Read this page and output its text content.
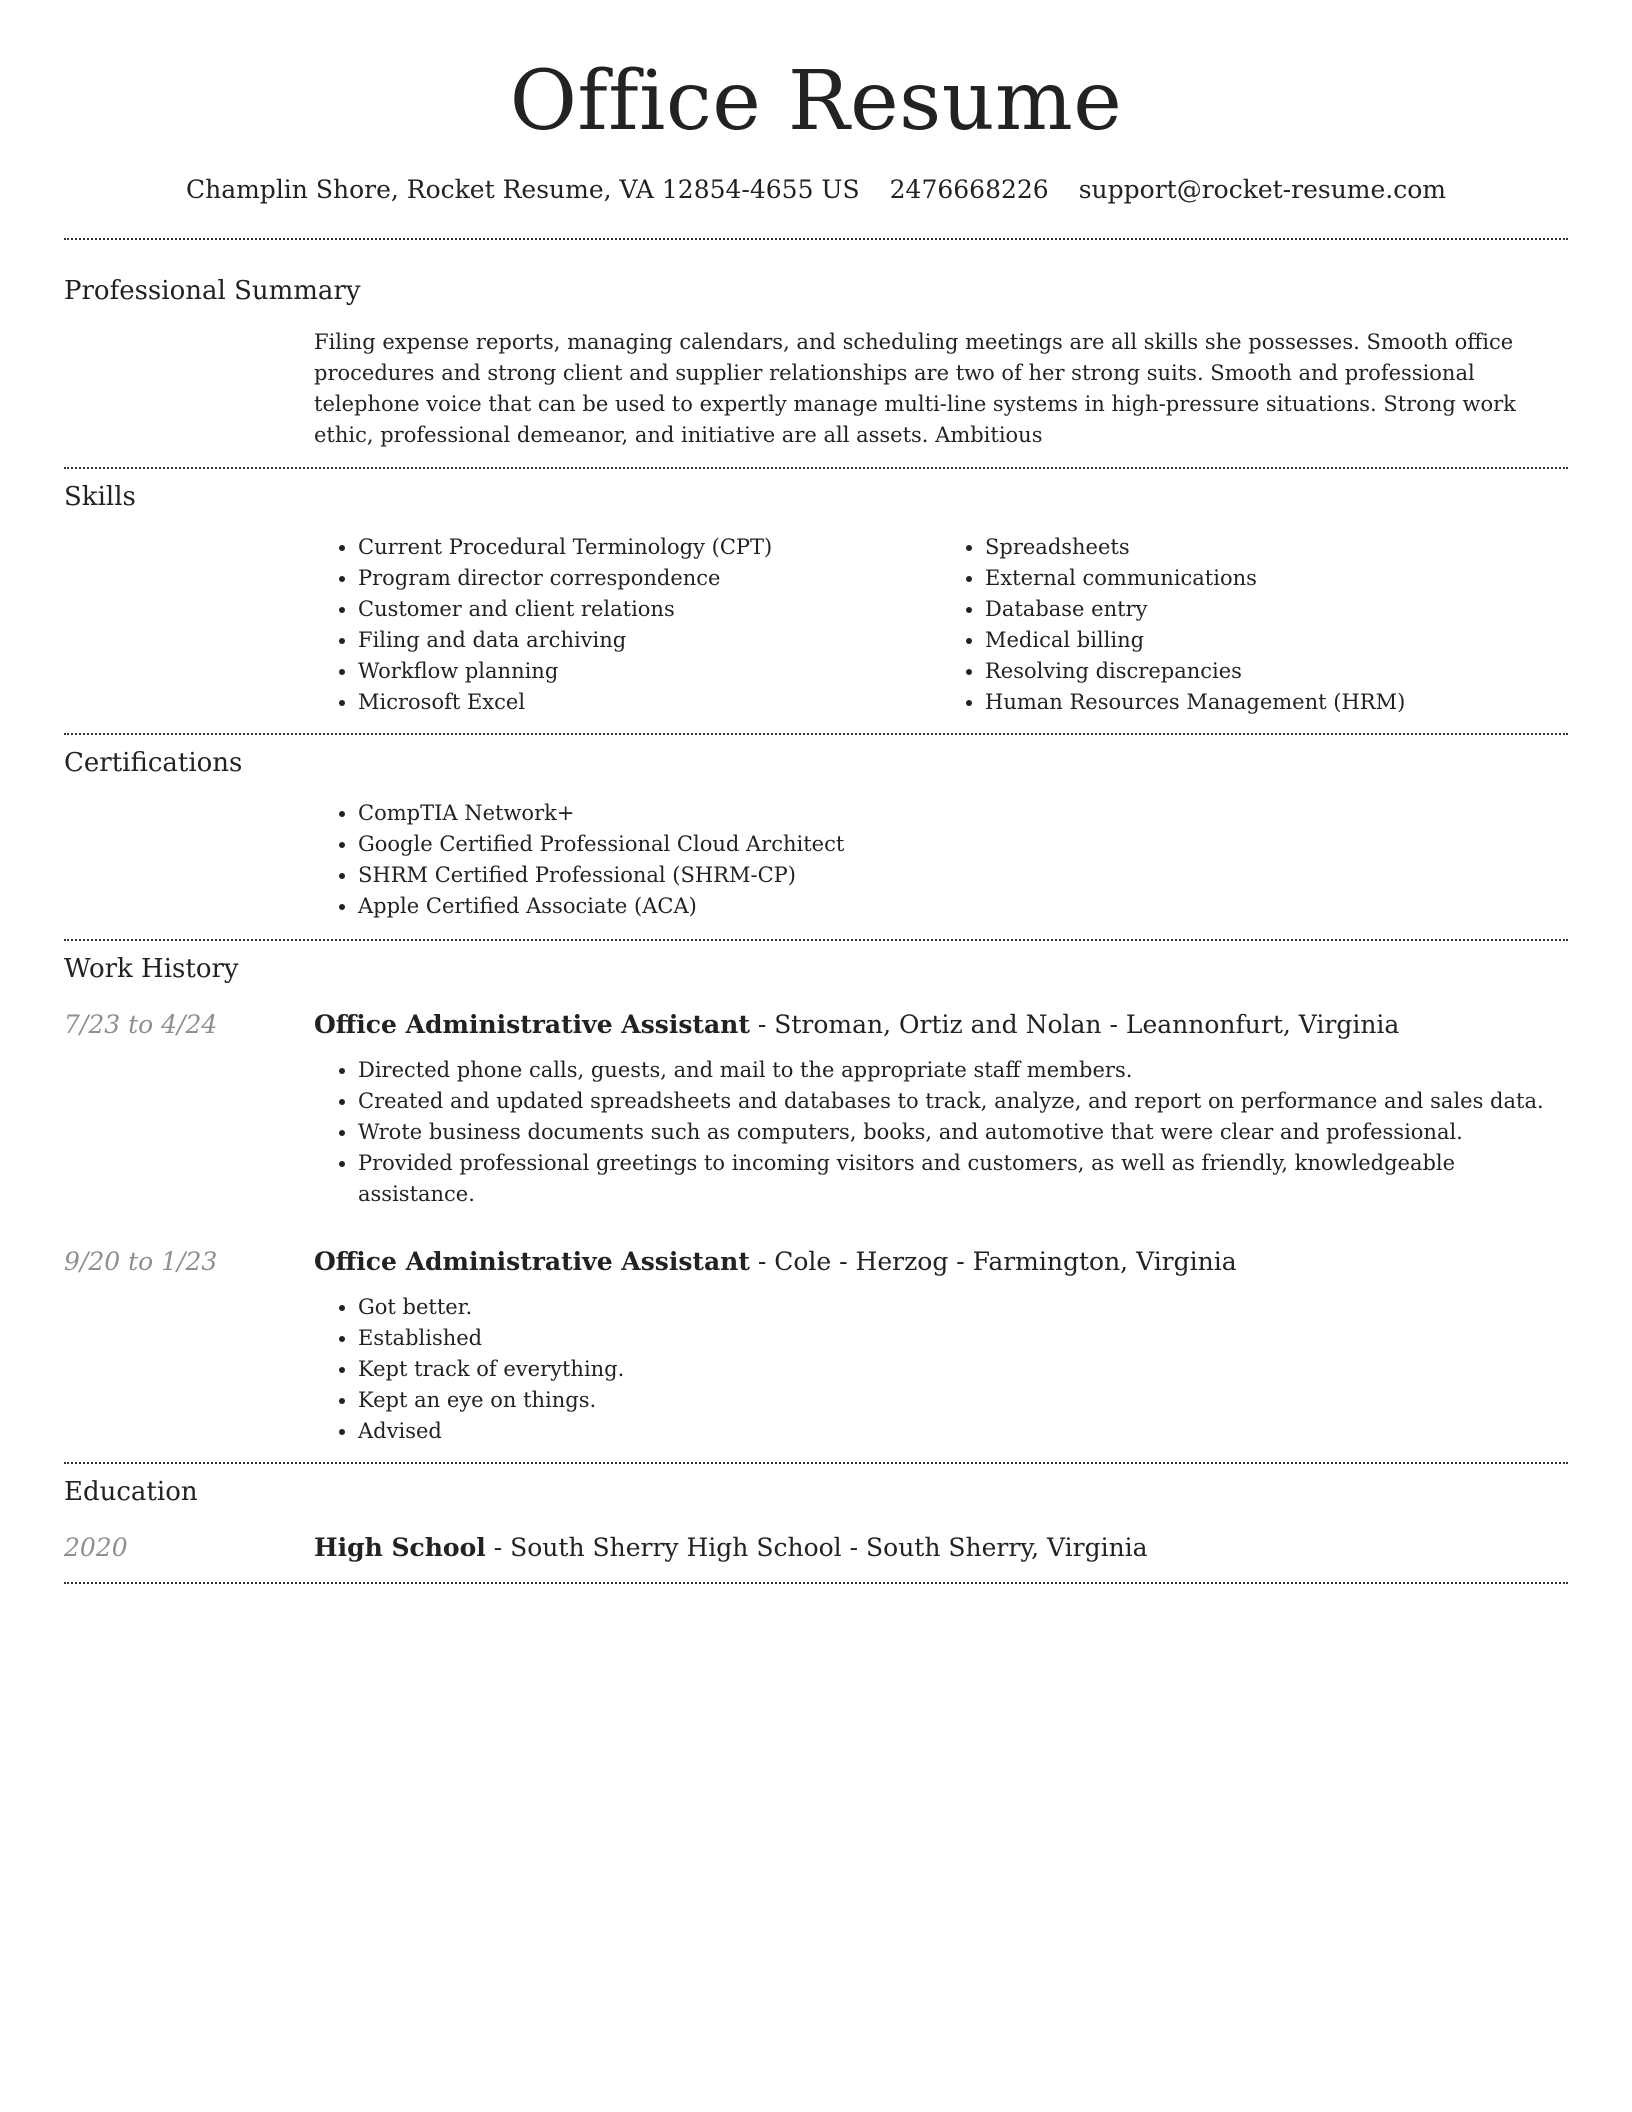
Office Resume
Champlin Shore, Rocket Resume, VA 12854-4655 US 2476668226 support@rocket-resume.com
Professional Summary

Filing expense reports, managing calendars, and scheduling meetings are all skills she possesses. Smooth office procedures and strong client and supplier relationships are two of her strong suits. Smooth and professional telephone voice that can be used to expertly manage multi-line systems in high-pressure situations. Strong work ethic, professional demeanor, and initiative are all assets. Ambitious

Skills
• Current Procedural Terminology (CPT)
• Program director correspondence
• Customer and client relations
• Filing and data archiving
• Workflow planning
• Microsoft Excel
• Spreadsheets
• External communications
• Database entry
• Medical billing
• Resolving discrepancies
• Human Resources Management (HRM)
Certifications
• CompTIA Network+
• Google Certified Professional Cloud Architect
• SHRM Certified Professional (SHRM-CP)
• Apple Certified Associate (ACA)
Work History
7/23 to 4/24	Office Administrative Assistant - Stroman, Ortiz and Nolan - Leannonfurt, Virginia
• Directed phone calls, guests, and mail to the appropriate staff members.
• Created and updated spreadsheets and databases to track, analyze, and report on performance and sales data.
• Wrote business documents such as computers, books, and automotive that were clear and professional.
• Provided professional greetings to incoming visitors and customers, as well as friendly, knowledgeable assistance.
9/20 to 1/23	Office Administrative Assistant - Cole - Herzog - Farmington, Virginia
• Got better.
• Established
• Kept track of everything.
• Kept an eye on things.
• Advised
Education
2020	High School - South Sherry High School - South Sherry, Virginia
